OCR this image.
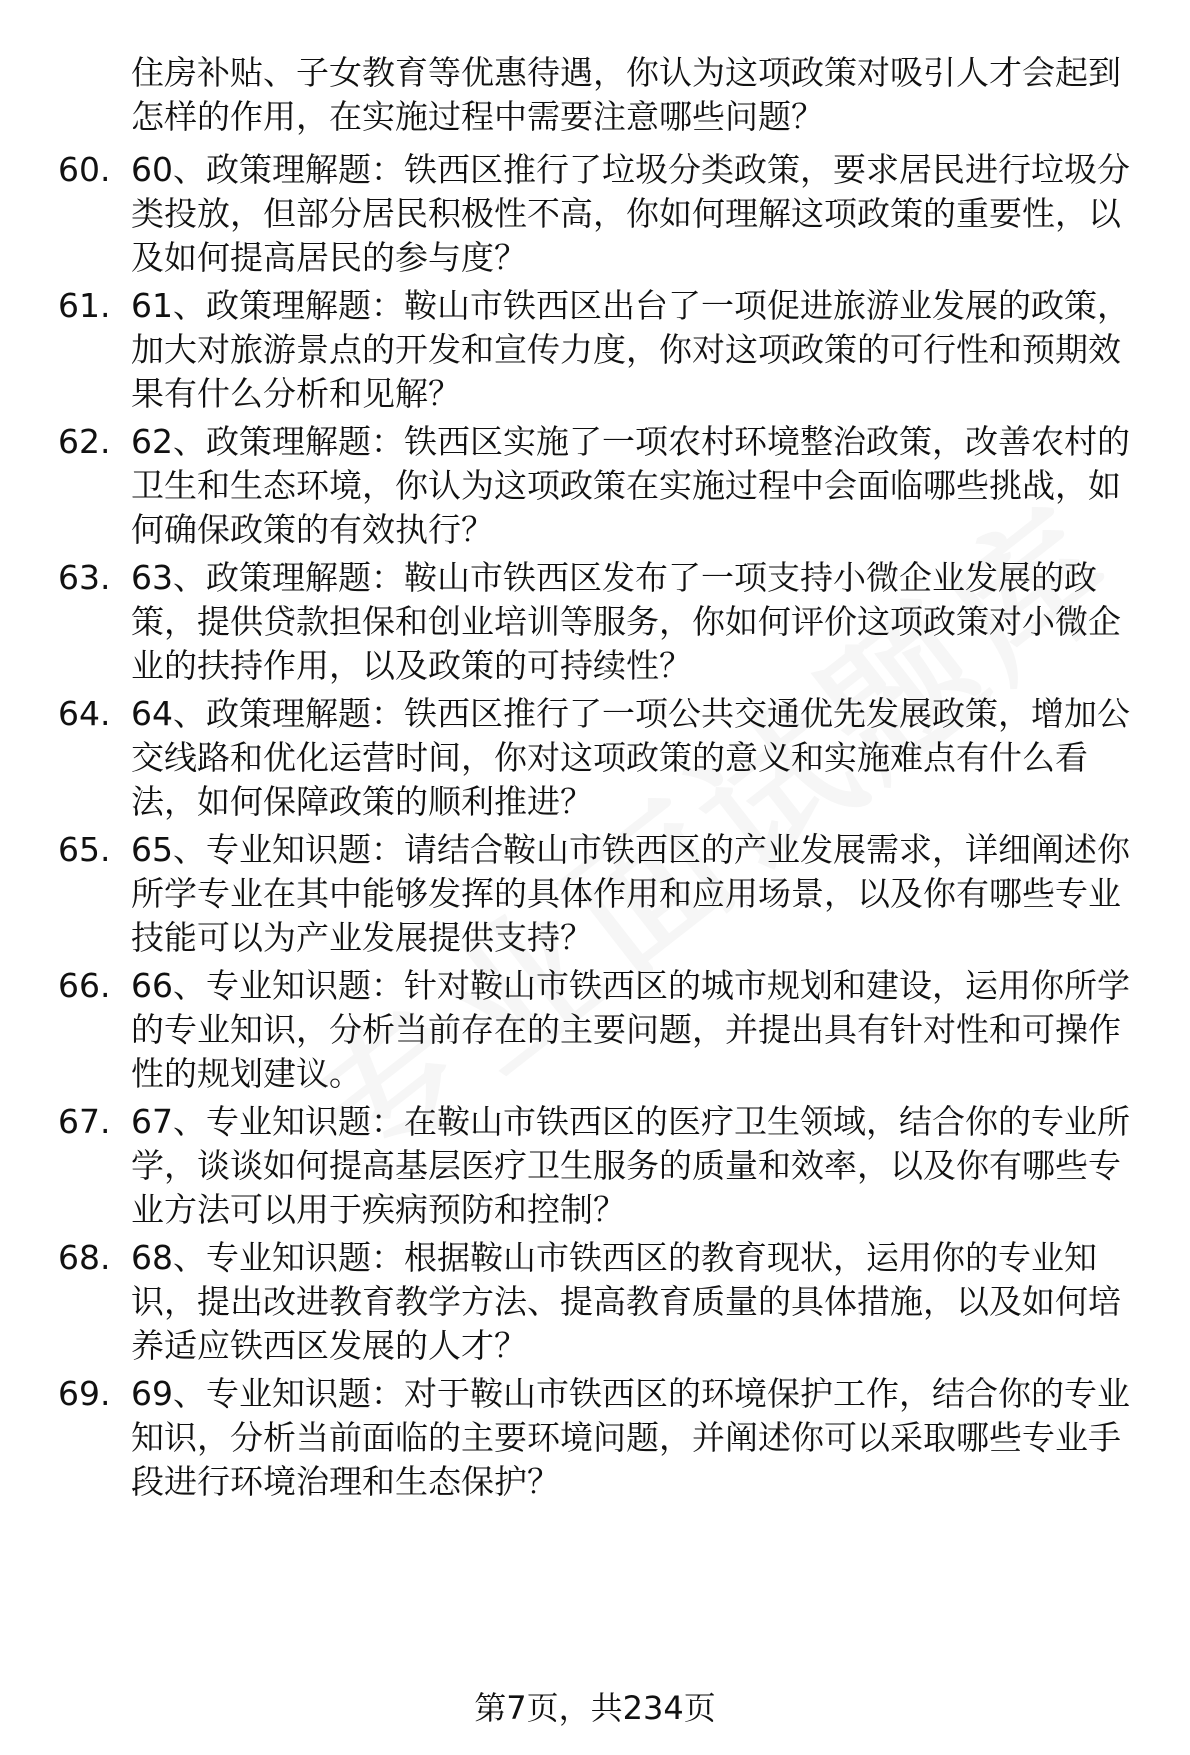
住房补贴、子女教育等优惠待遇，你认为这项政策对吸引人才会起到怎样的作用，在实施过程中需要注意哪些问题？

60. 60、政策理解题：铁西区推行了垃圾分类政策，要求居民进行垃圾分类投放，但部分居民积极性不高，你如何理解这项政策的重要性，以及如何提高居民的参与度？

61. 61、政策理解题：鞍山市铁西区出台了一项促进旅游业发展的政策，加大对旅游景点的开发和宣传力度，你对这项政策的可行性和预期效果有什么分析和见解？

62. 62、政策理解题：铁西区实施了一项农村环境整治政策，改善农村的卫生和生态环境，你认为这项政策在实施过程中会面临哪些挑战，如何确保政策的有效执行？

63. 63、政策理解题：鞍山市铁西区发布了一项支持小微企业发展的政策，提供贷款担保和创业培训等服务，你如何评价这项政策对小微企业的扶持作用，以及政策的可持续性？

64. 64、政策理解题：铁西区推行了一项公共交通优先发展政策，增加公交线路和优化运营时间，你对这项政策的意义和实施难点有什么看法，如何保障政策的顺利推进？

65. 65、专业知识题：请结合鞍山市铁西区的产业发展需求，详细阐述你所学专业在其中能够发挥的具体作用和应用场景，以及你有哪些专业技能可以为产业发展提供支持？

66. 66、专业知识题：针对鞍山市铁西区的城市规划和建设，运用你所学的专业知识，分析当前存在的主要问题，并提出具有针对性和可操作性的规划建议。

67. 67、专业知识题：在鞍山市铁西区的医疗卫生领域，结合你的专业所学，谈谈如何提高基层医疗卫生服务的质量和效率，以及你有哪些专业方法可以用于疾病预防和控制？

68. 68、专业知识题：根据鞍山市铁西区的教育现状，运用你的专业知识，提出改进教育教学方法、提高教育质量的具体措施，以及如何培养适应铁西区发展的人才？

69. 69、专业知识题：对于鞍山市铁西区的环境保护工作，结合你的专业知识，分析当前面临的主要环境问题，并阐述你可以采取哪些专业手段进行环境治理和生态保护？

第7页，共234页
